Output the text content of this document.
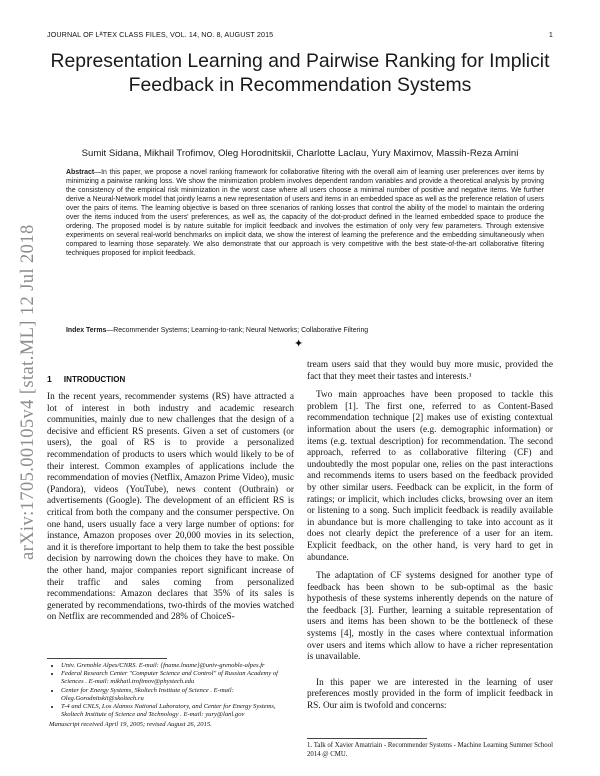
JOURNAL OF LᴬTEX CLASS FILES, VOL. 14, NO. 8, AUGUST 2015	1
Representation Learning and Pairwise Ranking for Implicit Feedback in Recommendation Systems
Sumit Sidana, Mikhail Trofimov, Oleg Horodnitskii, Charlotte Laclau, Yury Maximov, Massih-Reza Amini
Abstract—In this paper, we propose a novel ranking framework for collaborative filtering with the overall aim of learning user preferences over items by minimizing a pairwise ranking loss. We show the minimization problem involves dependent random variables and provide a theoretical analysis by proving the consistency of the empirical risk minimization in the worst case where all users choose a minimal number of positive and negative items. We further derive a Neural-Network model that jointly learns a new representation of users and items in an embedded space as well as the preference relation of users over the pairs of items. The learning objective is based on three scenarios of ranking losses that control the ability of the model to maintain the ordering over the items induced from the users' preferences, as well as, the capacity of the dot-product defined in the learned embedded space to produce the ordering. The proposed model is by nature suitable for implicit feedback and involves the estimation of only very few parameters. Through extensive experiments on several real-world benchmarks on implicit data, we show the interest of learning the preference and the embedding simultaneously when compared to learning those separately. We also demonstrate that our approach is very competitive with the best state-of-the-art collaborative filtering techniques proposed for implicit feedback.
Index Terms—Recommender Systems; Learning-to-rank; Neural Networks; Collaborative Filtering
✦
arXiv:1705.00105v4 [stat.ML] 12 Jul 2018 1 INTRODUCTION

In the recent years, recommender systems (RS) have attracted a lot of interest in both industry and academic research communities, mainly due to new challenges that the design of a decisive and efficient RS presents. Given a set of customers (or users), the goal of RS is to provide a personalized recommendation of products to users which would likely to be of their interest. Common examples of applications include the recommendation of movies (Netflix, Amazon Prime Video), music (Pandora), videos (YouTube), news content (Outbrain) or advertisements (Google). The development of an efficient RS is critical from both the company and the consumer perspective. On one hand, users usually face a very large number of options: for instance, Amazon proposes over 20,000 movies in its selection, and it is therefore important to help them to take the best possible decision by narrowing down the choices they have to make. On the other hand, major companies report significant increase of their traffic and sales coming from personalized recommendations: Amazon declares that 35% of its sales is generated by recommendations, two-thirds of the movies watched on Netflix are recommended and 28% of ChoiceS-

tream users said that they would buy more music, provided the fact that they meet their tastes and interests.¹

Two main approaches have been proposed to tackle this problem [1]. The first one, referred to as Content-Based recommendation technique [2] makes use of existing contextual information about the users (e.g. demographic information) or items (e.g. textual description) for recommendation. The second approach, referred to as collaborative filtering (CF) and undoubtedly the most popular one, relies on the past interactions and recommends items to users based on the feedback provided by other similar users. Feedback can be explicit, in the form of ratings; or implicit, which includes clicks, browsing over an item or listening to a song. Such implicit feedback is readily available in abundance but is more challenging to take into account as it does not clearly depict the preference of a user for an item. Explicit feedback, on the other hand, is very hard to get in abundance.

The adaptation of CF systems designed for another type of feedback has been shown to be sub-optimal as the basic hypothesis of these systems inherently depends on the nature of the feedback [3]. Further, learning a suitable representation of users and items has been shown to be the bottleneck of these systems [4], mostly in the cases where contextual information over users and items which allow to have a richer representation is unavailable.

In this paper we are interested in the learning of user preferences mostly provided in the form of implicit feedback in RS. Our aim is twofold and concerns:

• Univ. Grenoble Alpes/CNRS. E-mail: {fname.lname}@univ-grenoble-alpes.fr
• Federal Research Center "Computer Science and Control" of Russian Academy of Sciences . E-mail: mikhail.trofimov@phystech.edu
• Center for Energy Systems, Skoltech Institute of Science . E-mail: Oleg.Gorodnitskii@skoltech.ru
• T-4 and CNLS, Los Alamos National Laboratory, and Center for Energy Systems, Skoltech Institute of Science and Technology . E-mail: yury@lanl.gov
Manuscript received April 19, 2005; revised August 26, 2015.
1. Talk of Xavier Amatriain - Recommender Systems - Machine Learning Summer School 2014 @ CMU.
